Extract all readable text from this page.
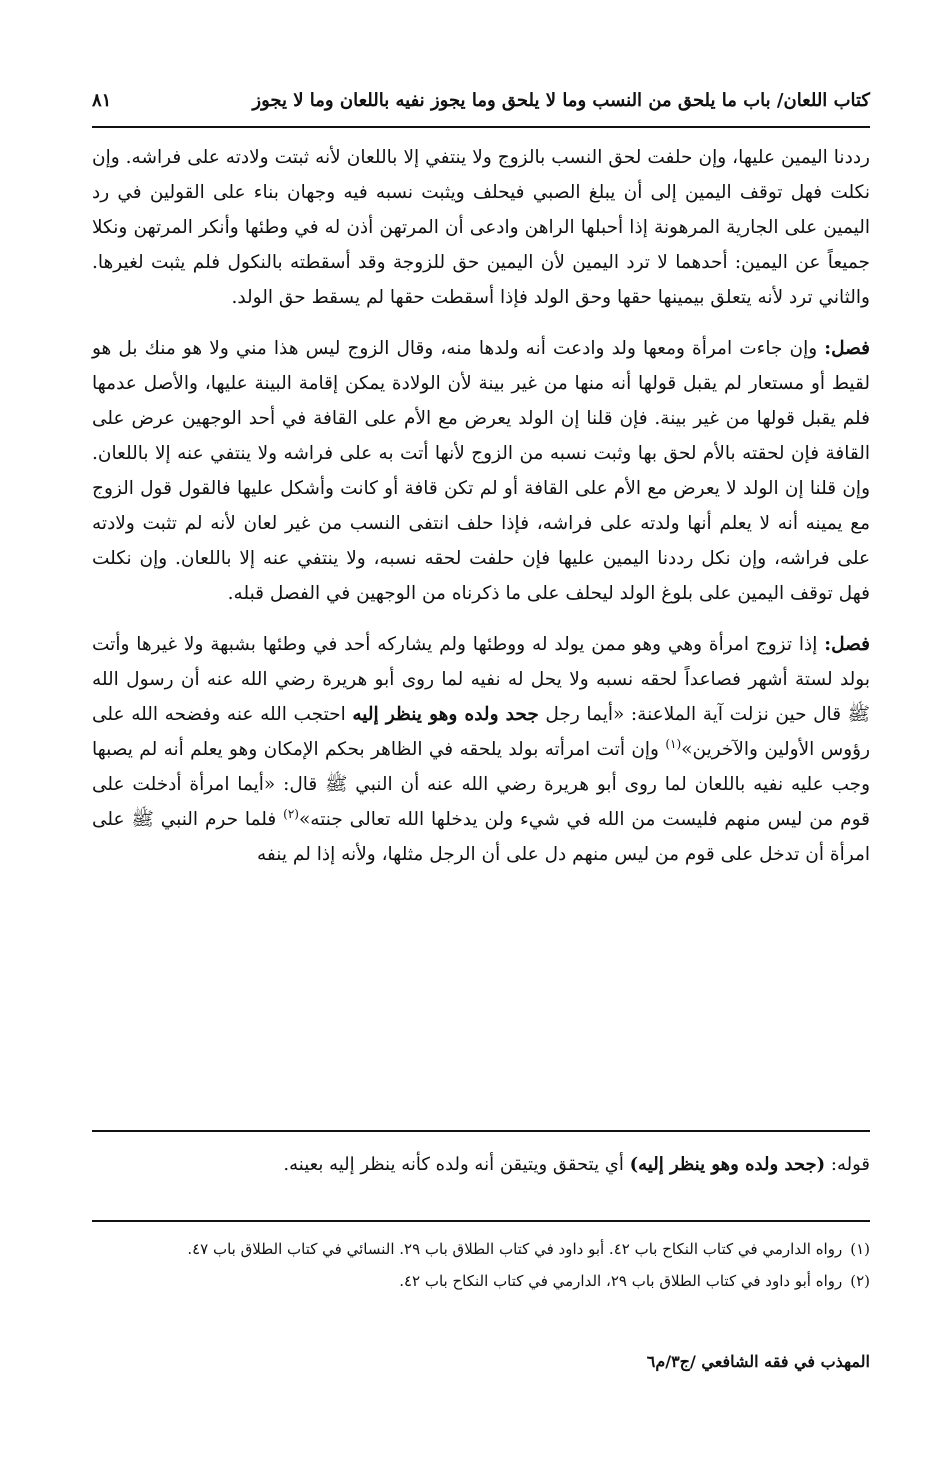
كتاب اللعان/ باب ما يلحق من النسب وما لا يلحق وما يجوز نفيه باللعان وما لا يجوز
٨١

رددنا اليمين عليها، وإن حلفت لحق النسب بالزوج ولا ينتفي إلا باللعان لأنه ثبتت ولادته على فراشه. وإن نكلت فهل توقف اليمين إلى أن يبلغ الصبي فيحلف ويثبت نسبه فيه وجهان بناء على القولين في رد اليمين على الجارية المرهونة إذا أحبلها الراهن وادعى أن المرتهن أذن له في وطئها وأنكر المرتهن ونكلا جميعاً عن اليمين: أحدهما لا ترد اليمين لأن اليمين حق للزوجة وقد أسقطته بالنكول فلم يثبت لغيرها. والثاني ترد لأنه يتعلق بيمينها حقها وحق الولد فإذا أسقطت حقها لم يسقط حق الولد.

فصل: وإن جاءت امرأة ومعها ولد وادعت أنه ولدها منه، وقال الزوج ليس هذا مني ولا هو منك بل هو لقيط أو مستعار لم يقبل قولها أنه منها من غير بينة لأن الولادة يمكن إقامة البينة عليها، والأصل عدمها فلم يقبل قولها من غير بينة. فإن قلنا إن الولد يعرض مع الأم على القافة في أحد الوجهين عرض على القافة فإن لحقته بالأم لحق بها وثبت نسبه من الزوج لأنها أتت به على فراشه ولا ينتفي عنه إلا باللعان. وإن قلنا إن الولد لا يعرض مع الأم على القافة أو لم تكن قافة أو كانت وأشكل عليها فالقول قول الزوج مع يمينه أنه لا يعلم أنها ولدته على فراشه، فإذا حلف انتفى النسب من غير لعان لأنه لم تثبت ولادته على فراشه، وإن نكل رددنا اليمين عليها فإن حلفت لحقه نسبه، ولا ينتفي عنه إلا باللعان. وإن نكلت فهل توقف اليمين على بلوغ الولد ليحلف على ما ذكرناه من الوجهين في الفصل قبله.

فصل: إذا تزوج امرأة وهي وهو ممن يولد له ووطئها ولم يشاركه أحد في وطئها بشبهة ولا غيرها وأتت بولد لستة أشهر فصاعداً لحقه نسبه ولا يحل له نفيه لما روى أبو هريرة رضي الله عنه أن رسول الله ﷺ قال حين نزلت آية الملاعنة: «أيما رجل جحد ولده وهو ينظر إليه احتجب الله عنه وفضحه الله على رؤوس الأولين والآخرين»$^{(١)}$ وإن أتت امرأته بولد يلحقه في الظاهر بحكم الإمكان وهو يعلم أنه لم يصبها وجب عليه نفيه باللعان لما روى أبو هريرة رضي الله عنه أن النبي ﷺ قال: «أيما امرأة أدخلت على قوم من ليس منهم فليست من الله في شيء ولن يدخلها الله تعالى جنته»$^{(٢)}$ فلما حرم النبي ﷺ على امرأة أن تدخل على قوم من ليس منهم دل على أن الرجل مثلها، ولأنه إذا لم ينفه

قوله: (جحد ولده وهو ينظر إليه) أي يتحقق ويتيقن أنه ولده كأنه ينظر إليه بعينه.

(١)رواه الدارمي في كتاب النكاح باب ٤٢. أبو داود في كتاب الطلاق باب ٢٩. النسائي في كتاب الطلاق باب ٤٧.

(٢)رواه أبو داود في كتاب الطلاق باب ٢٩، الدارمي في كتاب النكاح باب ٤٢.

المهذب في فقه الشافعي /ج٣/م٦
